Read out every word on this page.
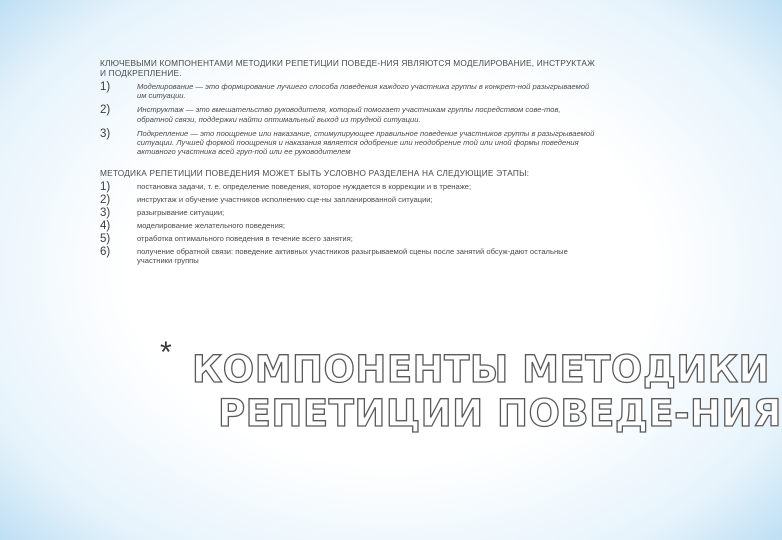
КЛЮЧЕВЫМИ КОМПОНЕНТАМИ МЕТОДИКИ РЕПЕТИЦИИ ПОВЕДЕ-НИЯ ЯВЛЯЮТСЯ МОДЕЛИРОВАНИЕ, ИНСТРУКТАЖ И ПОДКРЕПЛЕНИЕ.

1)	Моделирование — это формирование лучшего способа поведения каждого участника группы в конкрет-ной разыгрываемой им ситуации.
2)	Инструктаж — это вмешательство руководителя, который помогает участникам группы посредством сове-тов, обратной связи, поддержки найти оптимальный выход из трудной ситуации.
3)	Подкрепление — это поощрение или наказание, стимулирующее правильное поведение участников группы в разыгрываемой ситуации. Лучшей формой поощрения и наказания является одобрение или неодобрение той или иной формы поведения активного участника всей груп-пой или ее руководителем

МЕТОДИКА РЕПЕТИЦИИ ПОВЕДЕНИЯ МОЖЕТ БЫТЬ УСЛОВНО РАЗДЕЛЕНА НА СЛЕДУЮЩИЕ ЭТАПЫ:

1)	постановка задачи, т. е. определение поведения, которое нуждается в коррекции и в тренаже;
2)	инструктаж и обучение участников исполнению сце-ны запланированной ситуации;
3)	разыгрывание ситуации;
4)	моделирование желательного поведения;
5)	отработка оптимального поведения в течение всего занятия;
6)	получение обратной связи: поведение активных участников разыгрываемой сцены после занятий обсуж-дают остальные участники группы
* КОМПОНЕНТЫ МЕТОДИКИ
РЕПЕТИЦИИ ПОВЕДЕ-НИЯ
